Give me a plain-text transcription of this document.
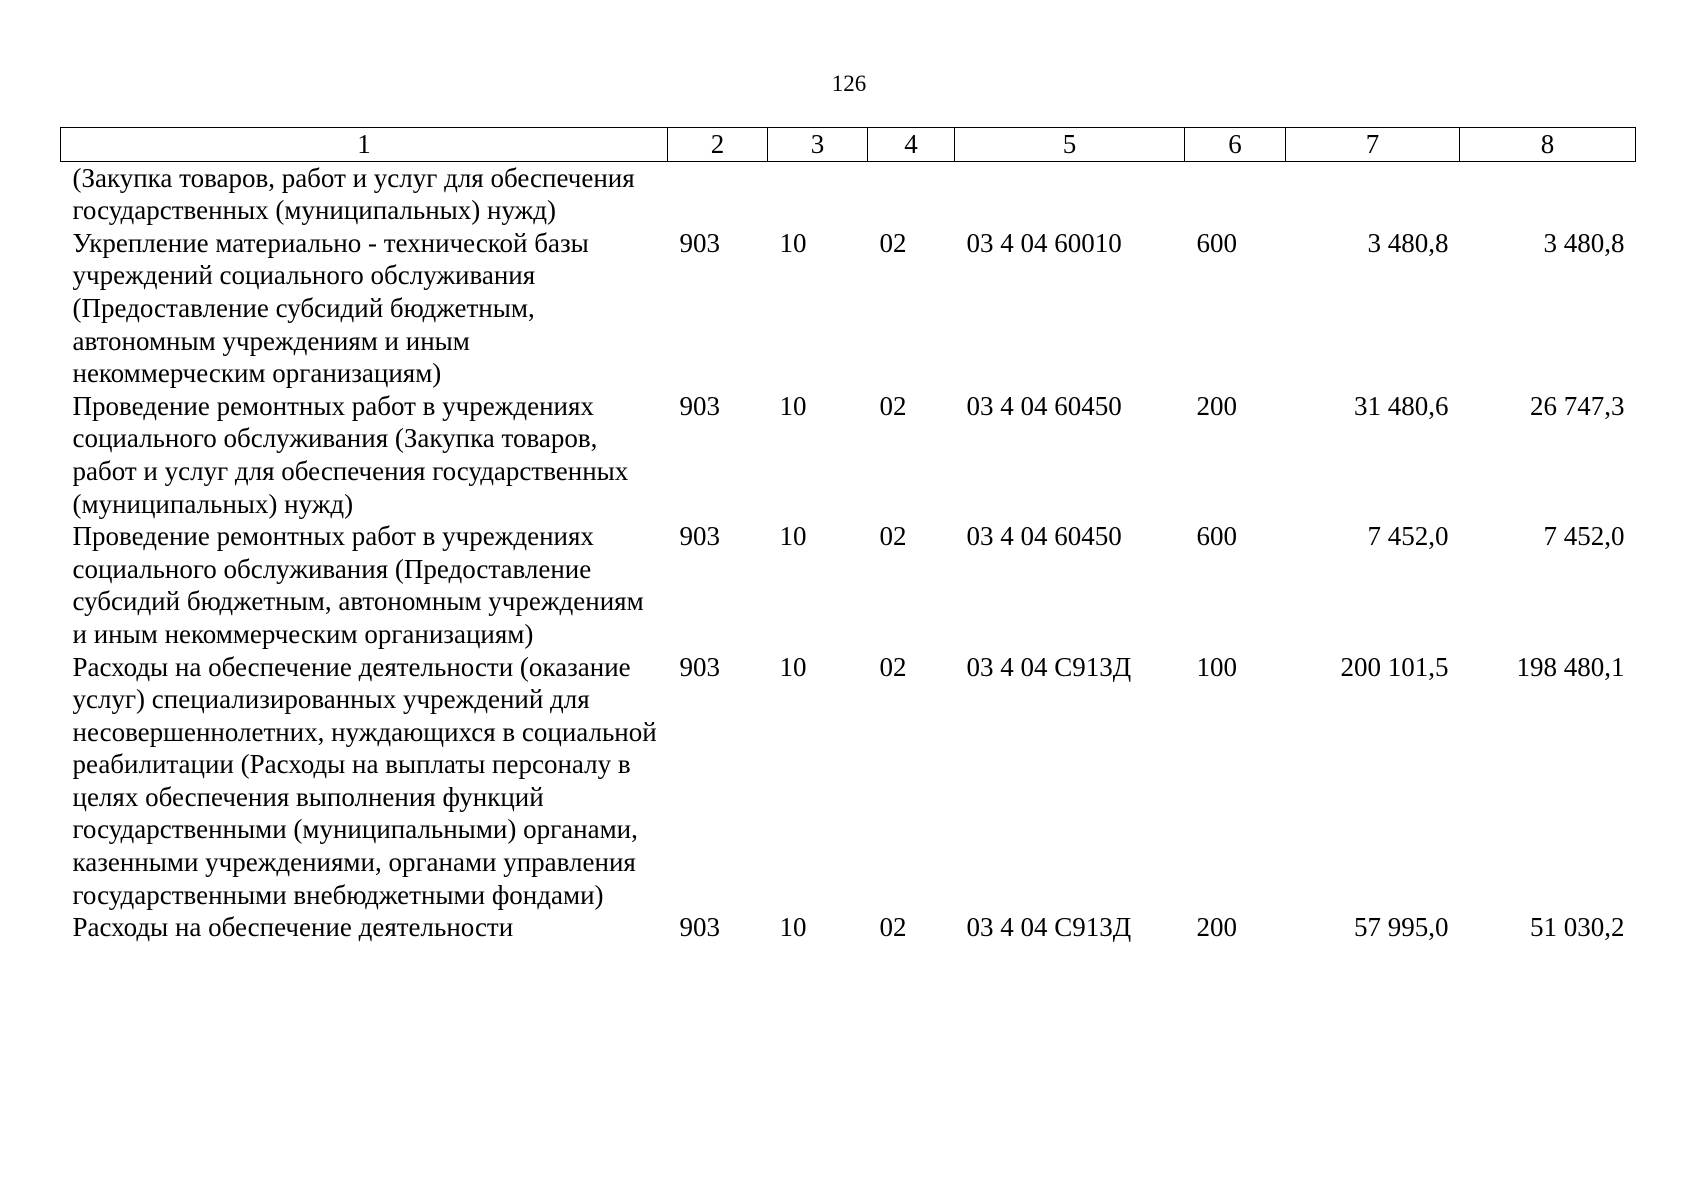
126
1	2	3	4	5	6	7	8
(Закупка товаров, работ и услуг для обеспечения государственных (муниципальных) нужд)							
Укрепление материально - технической базы учреждений социального обслуживания (Предоставление субсидий бюджетным, автономным учреждениям и иным некоммерческим организациям)	903	10	02	03 4 04 60010	600	3 480,8	3 480,8
Проведение ремонтных работ в учреждениях социального обслуживания (Закупка товаров, работ и услуг для обеспечения государственных (муниципальных) нужд)	903	10	02	03 4 04 60450	200	31 480,6	26 747,3
Проведение ремонтных работ в учреждениях социального обслуживания (Предоставление субсидий бюджетным, автономным учреждениям и иным некоммерческим организациям)	903	10	02	03 4 04 60450	600	7 452,0	7 452,0
Расходы на обеспечение деятельности (оказание услуг) специализированных учреждений для несовершеннолетних, нуждающихся в социальной реабилитации (Расходы на выплаты персоналу в целях обеспечения выполнения функций государственными (муниципальными) органами, казенными учреждениями, органами управления государственными внебюджетными фондами)	903	10	02	03 4 04 С913Д	100	200 101,5	198 480,1
Расходы на обеспечение деятельности	903	10	02	03 4 04 С913Д	200	57 995,0	51 030,2
